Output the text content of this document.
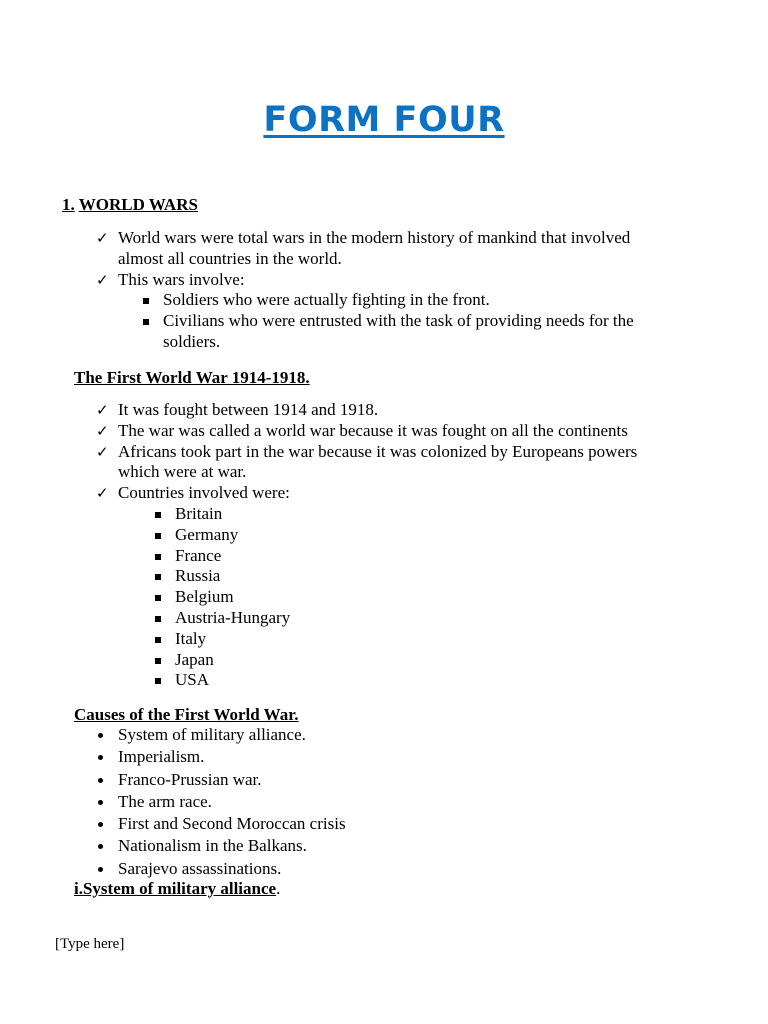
FORM FOUR
1. WORLD WARS
✓ World wars were total wars in the modern history of mankind that involved almost all countries in the world.
✓ This wars involve:
Soldiers who were actually fighting in the front.
Civilians who were entrusted with the task of providing needs for the soldiers.
The First World War 1914-1918.
✓ It was fought between 1914 and 1918.
✓ The war was called a world war because it was fought on all the continents
✓ Africans took part in the war because it was colonized by Europeans powers which were at war.
✓ Countries involved were:
Britain
Germany
France
Russia
Belgium
Austria-Hungary
Italy
Japan
USA
Causes of the First World War.
System of military alliance.
Imperialism.
Franco-Prussian war.
The arm race.
First and Second Moroccan crisis
Nationalism in the Balkans.
Sarajevo assassinations.
i.System of military alliance.
[Type here]
